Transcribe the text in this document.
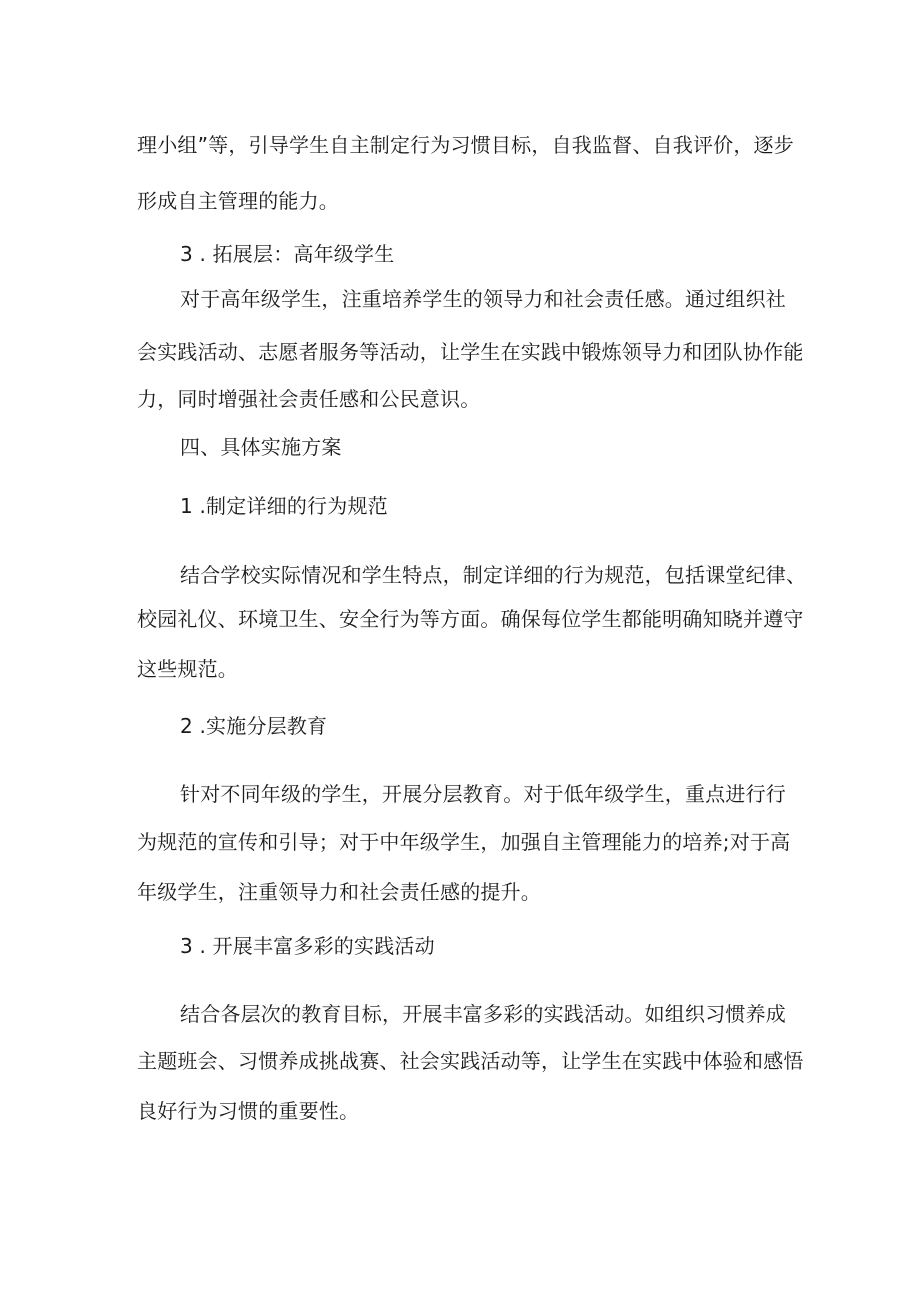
理小组”等，引导学生自主制定行为习惯目标，自我监督、自我评价，逐步
形成自主管理的能力。
3 . 拓展层：高年级学生
对于高年级学生，注重培养学生的领导力和社会责任感。通过组织社
会实践活动、志愿者服务等活动，让学生在实践中锻炼领导力和团队协作能
力，同时增强社会责任感和公民意识。
四、具体实施方案
1 .制定详细的行为规范
结合学校实际情况和学生特点，制定详细的行为规范，包括课堂纪律、
校园礼仪、环境卫生、安全行为等方面。确保每位学生都能明确知晓并遵守
这些规范。
2 .实施分层教育
针对不同年级的学生，开展分层教育。对于低年级学生，重点进行行
为规范的宣传和引导；对于中年级学生，加强自主管理能力的培养;对于高
年级学生，注重领导力和社会责任感的提升。
3 . 开展丰富多彩的实践活动
结合各层次的教育目标，开展丰富多彩的实践活动。如组织习惯养成
主题班会、习惯养成挑战赛、社会实践活动等，让学生在实践中体验和感悟
良好行为习惯的重要性。
